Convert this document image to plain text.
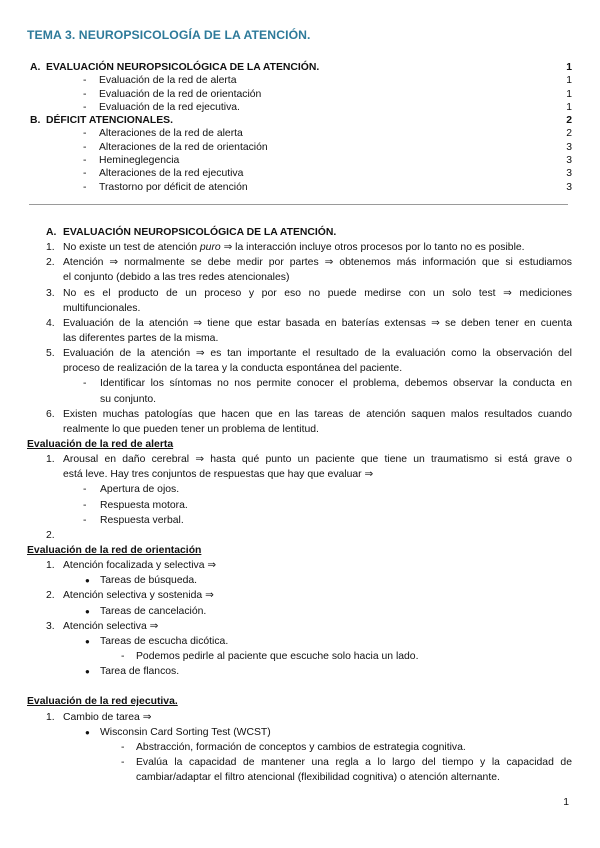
TEMA 3. NEUROPSICOLOGÍA DE LA ATENCIÓN.
A. EVALUACIÓN NEUROPSICOLÓGICA DE LA ATENCIÓN.	1
- Evaluación de la red de alerta	1
- Evaluación de la red de orientación	1
- Evaluación de la red ejecutiva.	1
B. DÉFICIT ATENCIONALES.	2
- Alteraciones de la red de alerta	2
- Alteraciones de la red de orientación	3
- Hemineglegencia	3
- Alteraciones de la red ejecutiva	3
- Trastorno por déficit de atención	3
A. EVALUACIÓN NEUROPSICOLÓGICA DE LA ATENCIÓN.
1. No existe un test de atención puro ⇒ la interacción incluye otros procesos por lo tanto no es posible.
2. Atención ⇒ normalmente se debe medir por partes ⇒ obtenemos más información que si estudiamos
el conjunto (debido a las tres redes atencionales)
3. No es el producto de un proceso y por eso no puede medirse con un solo test ⇒ mediciones
multifuncionales.
4. Evaluación de la atención ⇒ tiene que estar basada en baterías extensas ⇒ se deben tener en cuenta
las diferentes partes de la misma.
5. Evaluación de la atención ⇒ es tan importante el resultado de la evaluación como la observación del
proceso de realización de la tarea y la conducta espontánea del paciente.
- Identificar los síntomas no nos permite conocer el problema, debemos observar la conducta en
su conjunto.
6. Existen muchas patologías que hacen que en las tareas de atención saquen malos resultados cuando
realmente lo que pueden tener un problema de lentitud.
Evaluación de la red de alerta
1. Arousal en daño cerebral ⇒ hasta qué punto un paciente que tiene un traumatismo si está grave o
está leve. Hay tres conjuntos de respuestas que hay que evaluar ⇒
- Apertura de ojos.
- Respuesta motora.
- Respuesta verbal.
2.
Evaluación de la red de orientación
1. Atención focalizada y selectiva ⇒
● Tareas de búsqueda.
2. Atención selectiva y sostenida ⇒
● Tareas de cancelación.
3. Atención selectiva ⇒
● Tareas de escucha dicótica.
- Podemos pedirle al paciente que escuche solo hacia un lado.
● Tarea de flancos.
Evaluación de la red ejecutiva.
1. Cambio de tarea ⇒
● Wisconsin Card Sorting Test (WCST)
- Abstracción, formación de conceptos y cambios de estrategia cognitiva.
- Evalúa la capacidad de mantener una regla a lo largo del tiempo y la capacidad de
cambiar/adaptar el filtro atencional (flexibilidad cognitiva) o atención alternante.
1
